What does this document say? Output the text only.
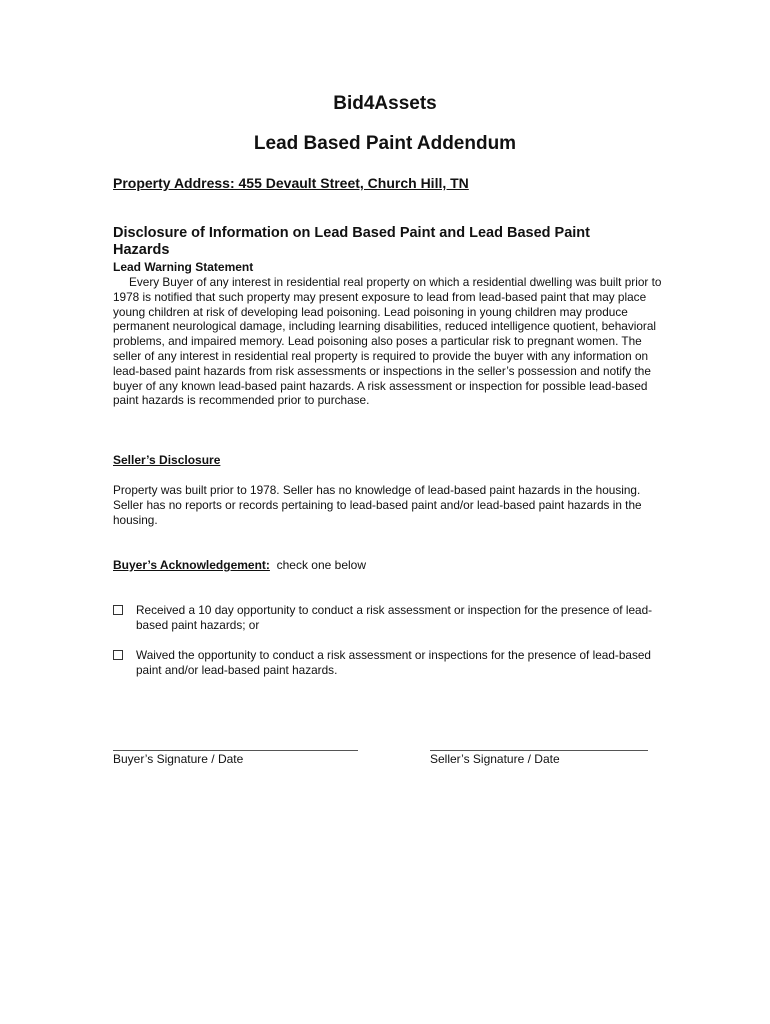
Bid4Assets
Lead Based Paint Addendum
Property Address: 455 Devault Street, Church Hill, TN
Disclosure of Information on Lead Based Paint and Lead Based Paint Hazards
Lead Warning Statement

Every Buyer of any interest in residential real property on which a residential dwelling was built prior to 1978 is notified that such property may present exposure to lead from lead-based paint that may place young children at risk of developing lead poisoning. Lead poisoning in young children may produce permanent neurological damage, including learning disabilities, reduced intelligence quotient, behavioral problems, and impaired memory. Lead poisoning also poses a particular risk to pregnant women. The seller of any interest in residential real property is required to provide the buyer with any information on lead-based paint hazards from risk assessments or inspections in the seller’s possession and notify the buyer of any known lead-based paint hazards. A risk assessment or inspection for possible lead-based paint hazards is recommended prior to purchase.

Seller’s Disclosure
Property was built prior to 1978. Seller has no knowledge of lead-based paint hazards in the housing. Seller has no reports or records pertaining to lead-based paint and/or lead-based paint hazards in the housing.
Buyer’s Acknowledgement: check one below
Received a 10 day opportunity to conduct a risk assessment or inspection for the presence of lead-based paint hazards; or
Waived the opportunity to conduct a risk assessment or inspections for the presence of lead-based paint and/or lead-based paint hazards.
Buyer’s Signature / Date	Seller’s Signature / Date
